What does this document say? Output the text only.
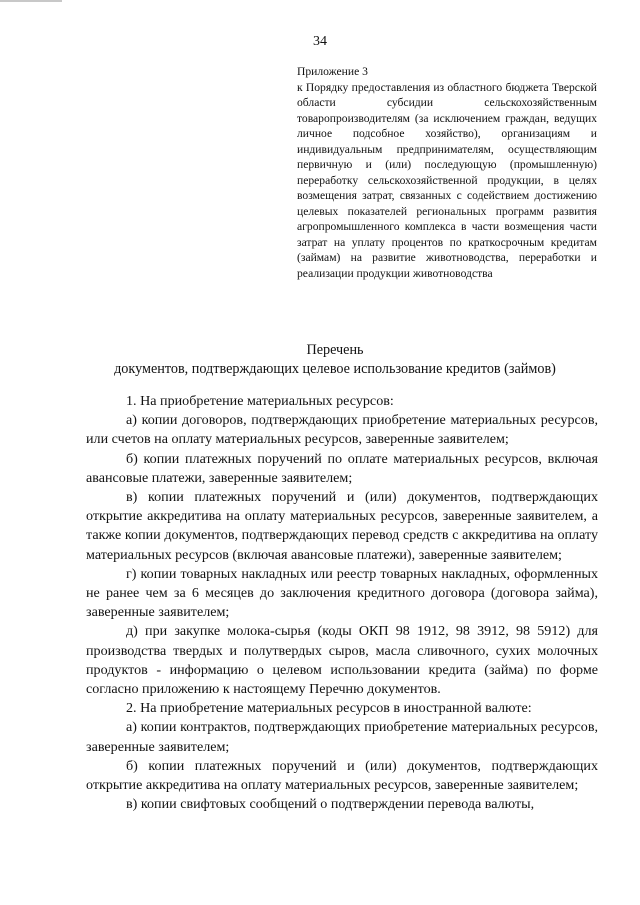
34

Приложение 3

к Порядку предоставления из областного бюджета Тверской области субсидии сельскохозяйственным товаропроизводителям (за исключением граждан, ведущих личное подсобное хозяйство), организациям и индивидуальным предпринимателям, осуществляющим первичную и (или) последующую (промышленную) переработку сельскохозяйственной продукции, в целях возмещения затрат, связанных с содействием достижению целевых показателей региональных программ развития агропромышленного комплекса в части возмещения части затрат на уплату процентов по краткосрочным кредитам (займам) на развитие животноводства, переработки и реализации продукции животноводства

Перечень
документов, подтверждающих целевое использование кредитов (займов)

1. На приобретение материальных ресурсов:

а) копии договоров, подтверждающих приобретение материальных ресурсов, или счетов на оплату материальных ресурсов, заверенные заявителем;

б) копии платежных поручений по оплате материальных ресурсов, включая авансовые платежи, заверенные заявителем;

в) копии платежных поручений и (или) документов, подтверждающих открытие аккредитива на оплату материальных ресурсов, заверенные заявителем, а также копии документов, подтверждающих перевод средств с аккредитива на оплату материальных ресурсов (включая авансовые платежи), заверенные заявителем;

г) копии товарных накладных или реестр товарных накладных, оформленных не ранее чем за 6 месяцев до заключения кредитного договора (договора займа), заверенные заявителем;

д) при закупке молока-сырья (коды ОКП 98 1912, 98 3912, 98 5912) для производства твердых и полутвердых сыров, масла сливочного, сухих молочных продуктов - информацию о целевом использовании кредита (займа) по форме согласно приложению к настоящему Перечню документов.

2. На приобретение материальных ресурсов в иностранной валюте:

а) копии контрактов, подтверждающих приобретение материальных ресурсов, заверенные заявителем;

б) копии платежных поручений и (или) документов, подтверждающих открытие аккредитива на оплату материальных ресурсов, заверенные заявителем;

в) копии свифтовых сообщений о подтверждении перевода валюты,
